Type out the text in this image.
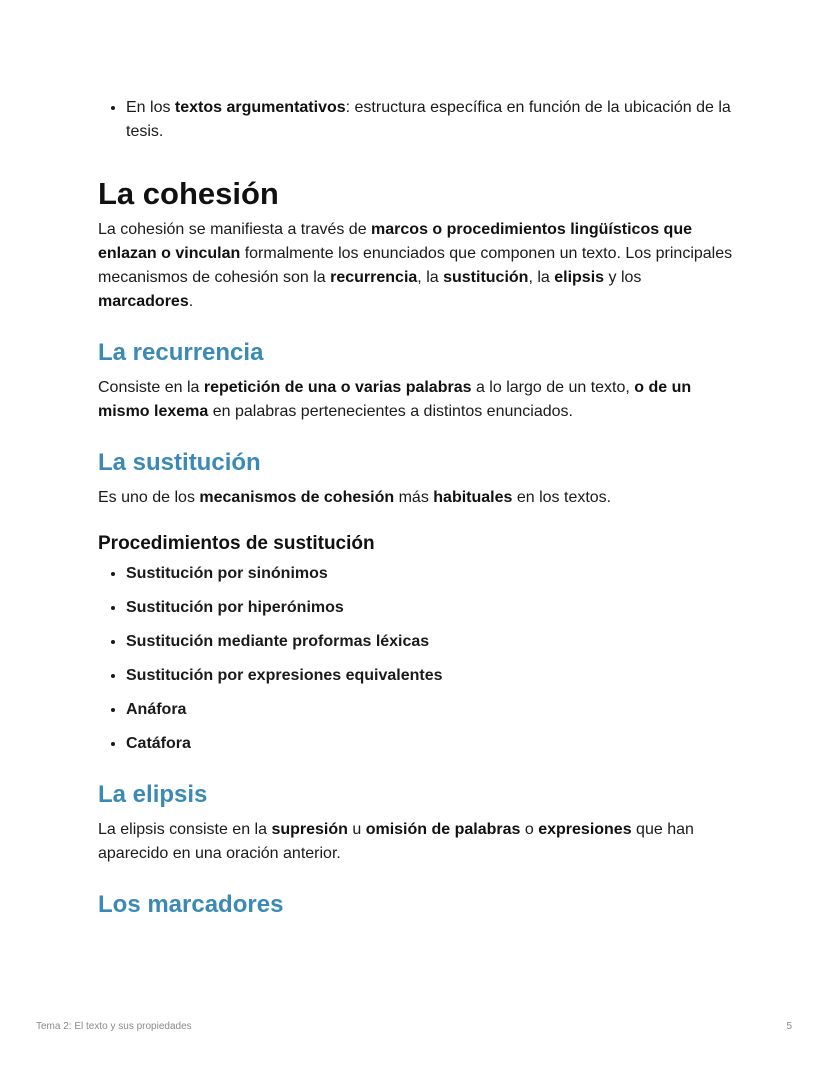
• En los textos argumentativos: estructura específica en función de la ubicación de la tesis.
La cohesión

La cohesión se manifiesta a través de marcos o procedimientos lingüísticos que enlazan o vinculan formalmente los enunciados que componen un texto. Los principales mecanismos de cohesión son la recurrencia, la sustitución, la elipsis y los marcadores.

La recurrencia

Consiste en la repetición de una o varias palabras a lo largo de un texto, o de un mismo lexema en palabras pertenecientes a distintos enunciados.

La sustitución

Es uno de los mecanismos de cohesión más habituales en los textos.

Procedimientos de sustitución
• Sustitución por sinónimos
• Sustitución por hiperónimos
• Sustitución mediante proformas léxicas
• Sustitución por expresiones equivalentes
• Anáfora
• Catáfora
La elipsis

La elipsis consiste en la supresión u omisión de palabras o expresiones que han aparecido en una oración anterior.

Los marcadores
Tema 2: El texto y sus propiedades	5
